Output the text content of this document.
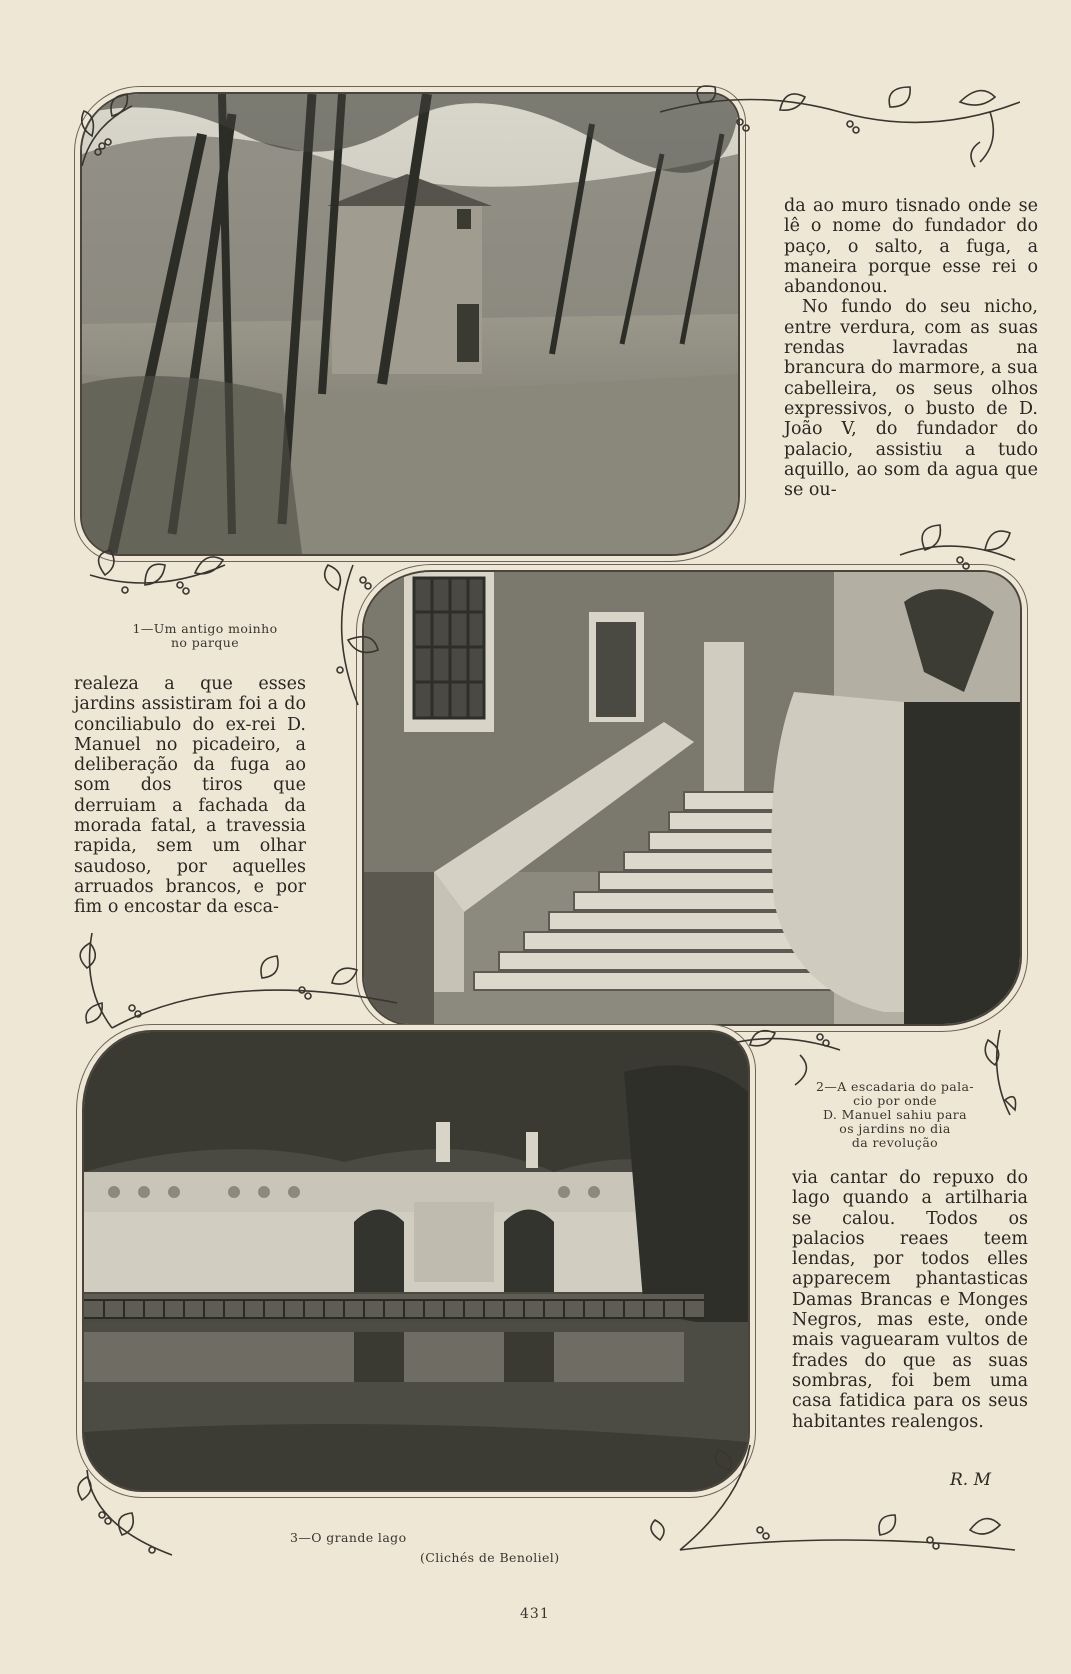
da ao muro tisnado onde se lê o nome do fundador do paço, o salto, a fuga, a maneira porque esse rei o abandonou.

No fundo do seu nicho, entre verdura, com as suas rendas lavradas na brancura do marmore, a sua cabelleira, os seus olhos expressivos, o busto de D. João V, do fundador do palacio, assistiu a tudo aquillo, ao som da agua que se ou-

1—Um antigo moinho
no parque

realeza a que esses jardins assistiram foi a do conciliabulo do ex-rei D. Manuel no picadeiro, a deliberação da fuga ao som dos tiros que derruiam a fachada da morada fatal, a travessia rapida, sem um olhar saudoso, por aquelles arruados brancos, e por fim o encostar da esca-

2—A escadaria do pala-
cio por onde
D. Manuel sahiu para
os jardins no dia
da revolução

via cantar do repuxo do lago quando a artilharia se calou. Todos os palacios reaes teem lendas, por todos elles apparecem phantasticas Damas Brancas e Monges Negros, mas este, onde mais vaguearam vultos de frades do que as suas sombras, foi bem uma casa fatidica para os seus habitantes realengos.

R. M
3—O grande lago
(Clichés de Benoliel)
431
